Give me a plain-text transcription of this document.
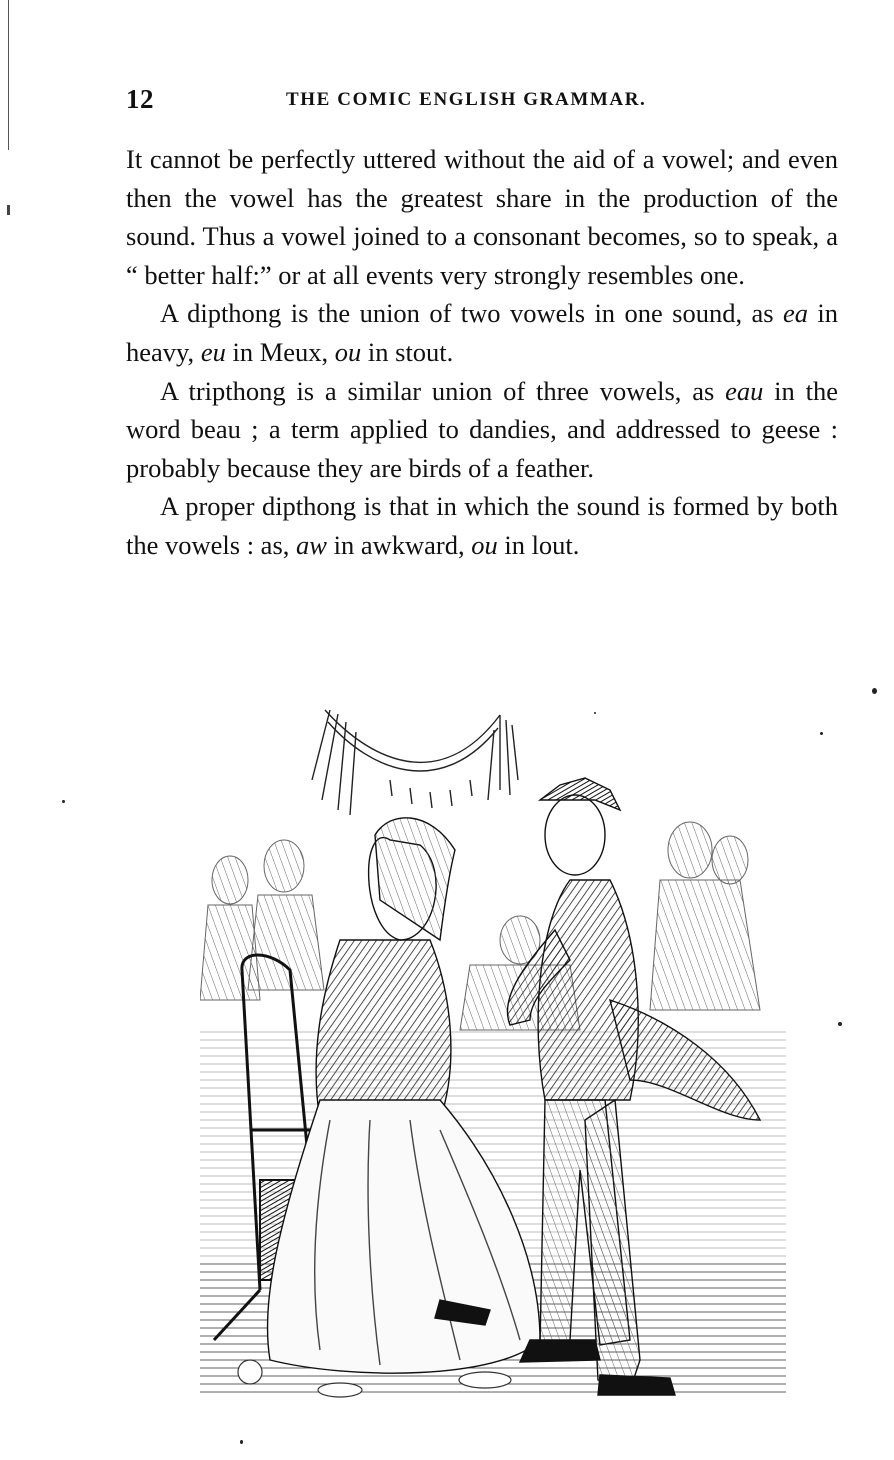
12	THE COMIC ENGLISH GRAMMAR.

It cannot be perfectly uttered without the aid of a vowel; and even then the vowel has the greatest share in the production of the sound. Thus a vowel joined to a consonant becomes, so to speak, a “ better half:” or at all events very strongly resembles one.

A dipthong is the union of two vowels in one sound, as ea in heavy, eu in Meux, ou in stout.

A tripthong is a similar union of three vowels, as eau in the word beau ; a term applied to dandies, and addressed to geese : probably because they are birds of a feather.

A proper dipthong is that in which the sound is formed by both the vowels : as, aw in awkward, ou in lout.
